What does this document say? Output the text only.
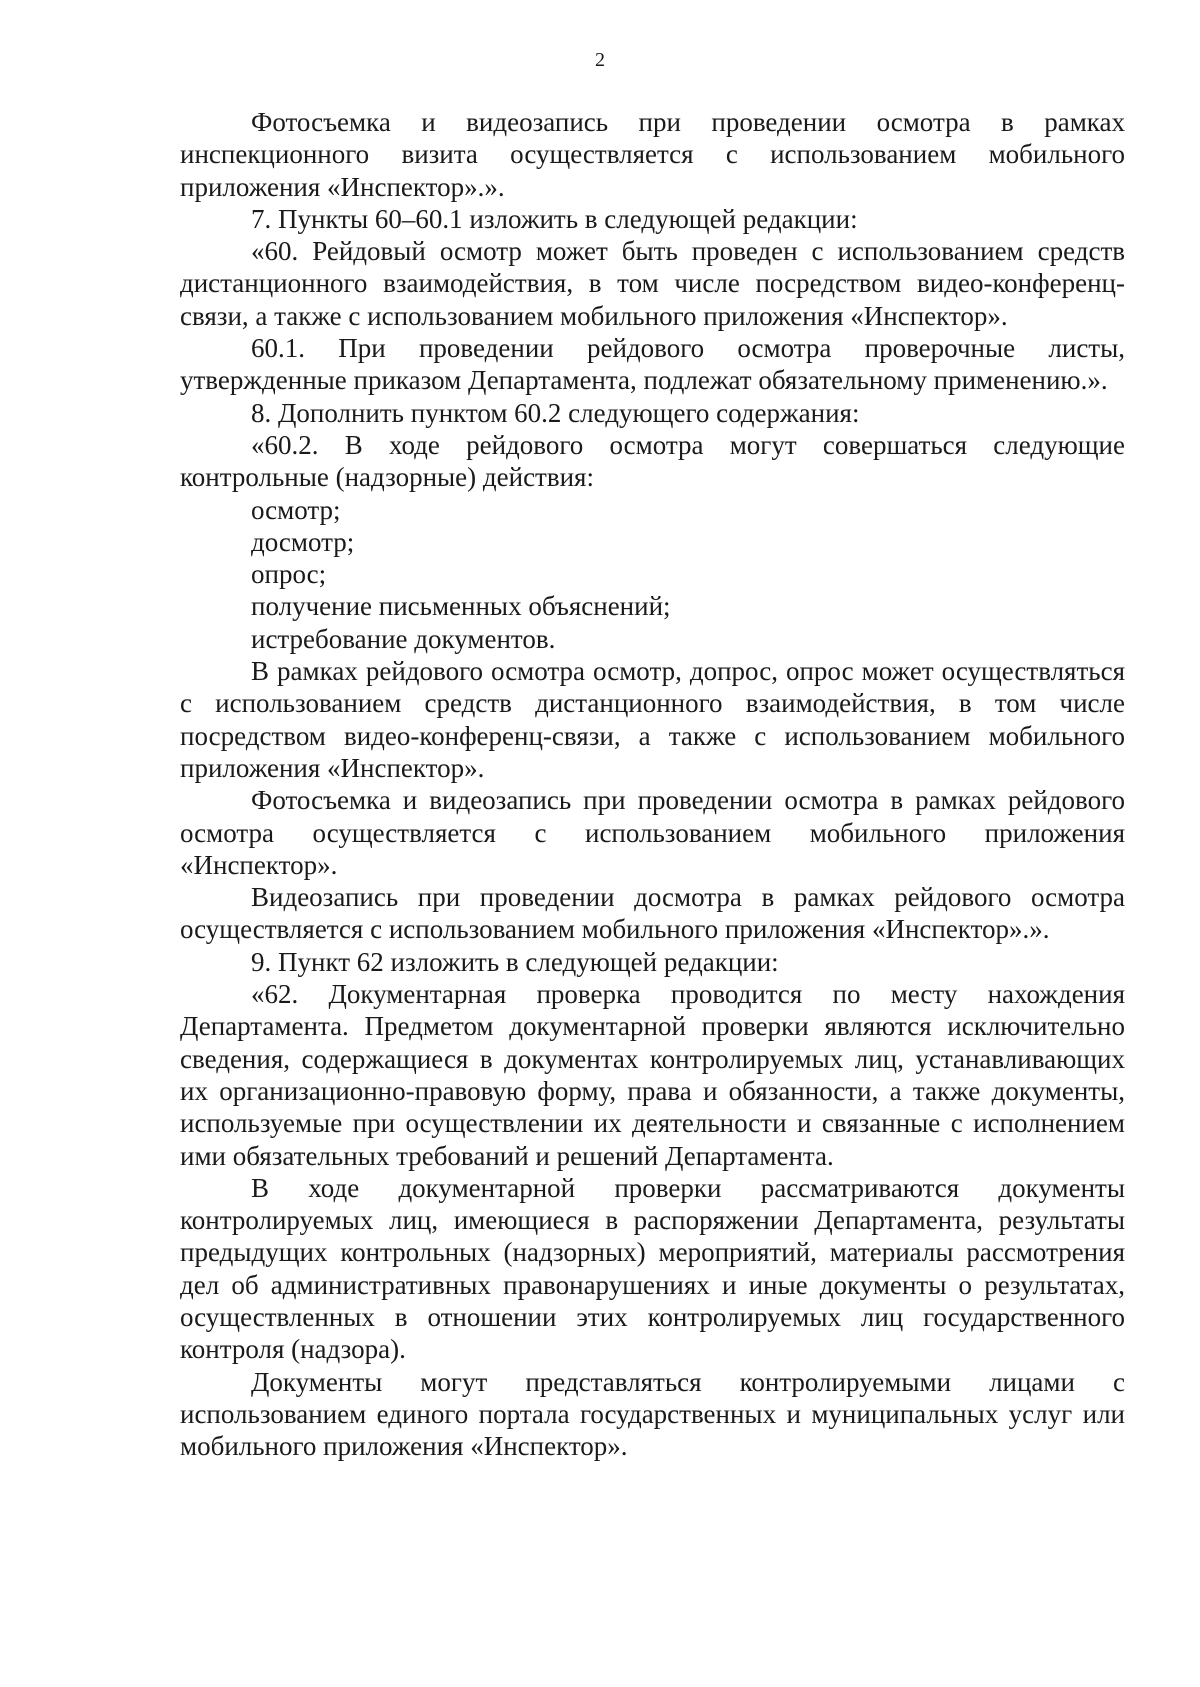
2

Фотосъемка и видеозапись при проведении осмотра в рамках инспекционного визита осуществляется с использованием мобильного приложения «Инспектор».».

7. Пункты 60–60.1 изложить в следующей редакции:

«60. Рейдовый осмотр может быть проведен с использованием средств дистанционного взаимодействия, в том числе посредством видео-конференц-связи, а также с использованием мобильного приложения «Инспектор».

60.1. При проведении рейдового осмотра проверочные листы, утвержденные приказом Департамента, подлежат обязательному применению.».

8. Дополнить пунктом 60.2 следующего содержания:

«60.2. В ходе рейдового осмотра могут совершаться следующие контрольные (надзорные) действия:

осмотр;

досмотр;

опрос;

получение письменных объяснений;

истребование документов.

В рамках рейдового осмотра осмотр, допрос, опрос может осуществляться с использованием средств дистанционного взаимодействия, в том числе посредством видео-конференц-связи, а также с использованием мобильного приложения «Инспектор».

Фотосъемка и видеозапись при проведении осмотра в рамках рейдового осмотра осуществляется с использованием мобильного приложения «Инспектор».

Видеозапись при проведении досмотра в рамках рейдового осмотра осуществляется с использованием мобильного приложения «Инспектор».».

9. Пункт 62 изложить в следующей редакции:

«62. Документарная проверка проводится по месту нахождения Департамента. Предметом документарной проверки являются исключительно сведения, содержащиеся в документах контролируемых лиц, устанавливающих их организационно-правовую форму, права и обязанности, а также документы, используемые при осуществлении их деятельности и связанные с исполнением ими обязательных требований и решений Департамента.

В ходе документарной проверки рассматриваются документы контролируемых лиц, имеющиеся в распоряжении Департамента, результаты предыдущих контрольных (надзорных) мероприятий, материалы рассмотрения дел об административных правонарушениях и иные документы о результатах, осуществленных в отношении этих контролируемых лиц государственного контроля (надзора).

Документы могут представляться контролируемыми лицами с использованием единого портала государственных и муниципальных услуг или мобильного приложения «Инспектор».
